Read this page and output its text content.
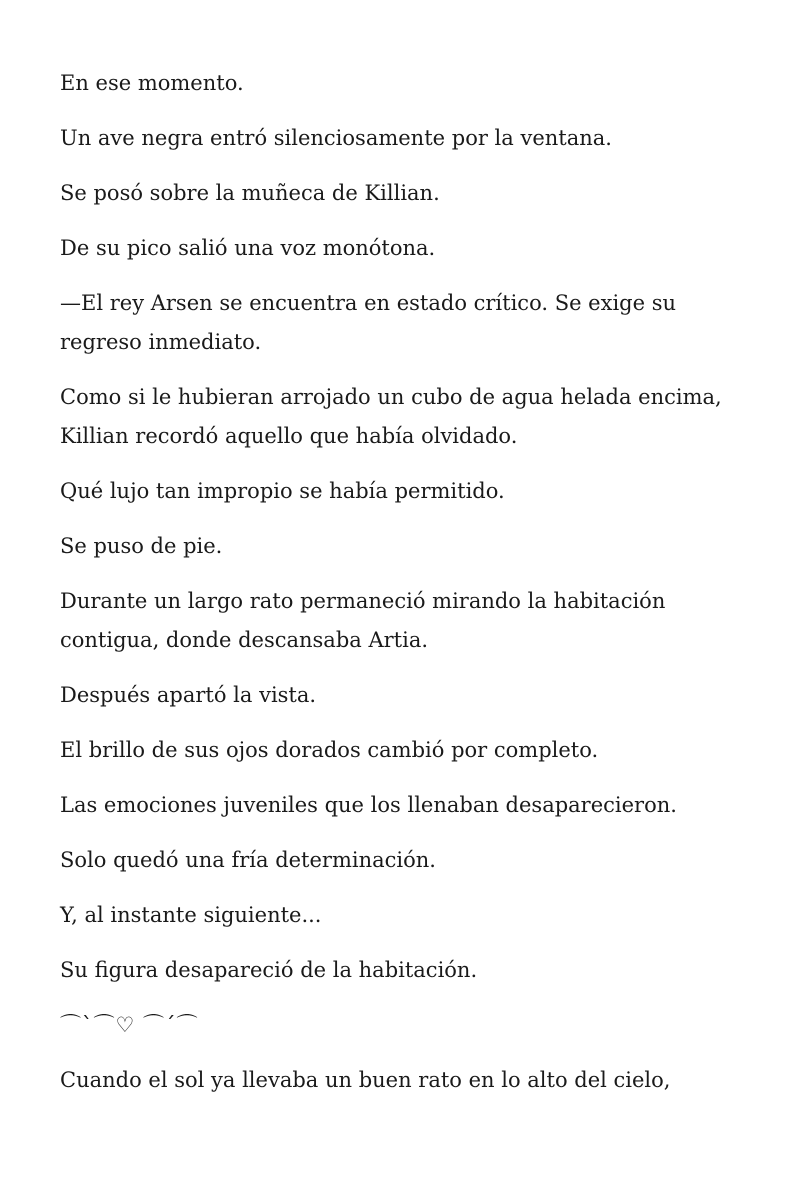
En ese momento.

Un ave negra entró silenciosamente por la ventana.

Se posó sobre la muñeca de Killian.

De su pico salió una voz monótona.

—El rey Arsen se encuentra en estado crítico. Se exige su regreso inmediato.

Como si le hubieran arrojado un cubo de agua helada encima, Killian recordó aquello que había olvidado.

Qué lujo tan impropio se había permitido.

Se puso de pie.

Durante un largo rato permaneció mirando la habitación contigua, donde descansaba Artia.

Después apartó la vista.

El brillo de sus ojos dorados cambió por completo.

Las emociones juveniles que los llenaban desaparecieron.

Solo quedó una fría determinación.

Y, al instante siguiente...

Su figura desapareció de la habitación.

⌒`⌒♡ ⌒´⌒

Cuando el sol ya llevaba un buen rato en lo alto del cielo,
